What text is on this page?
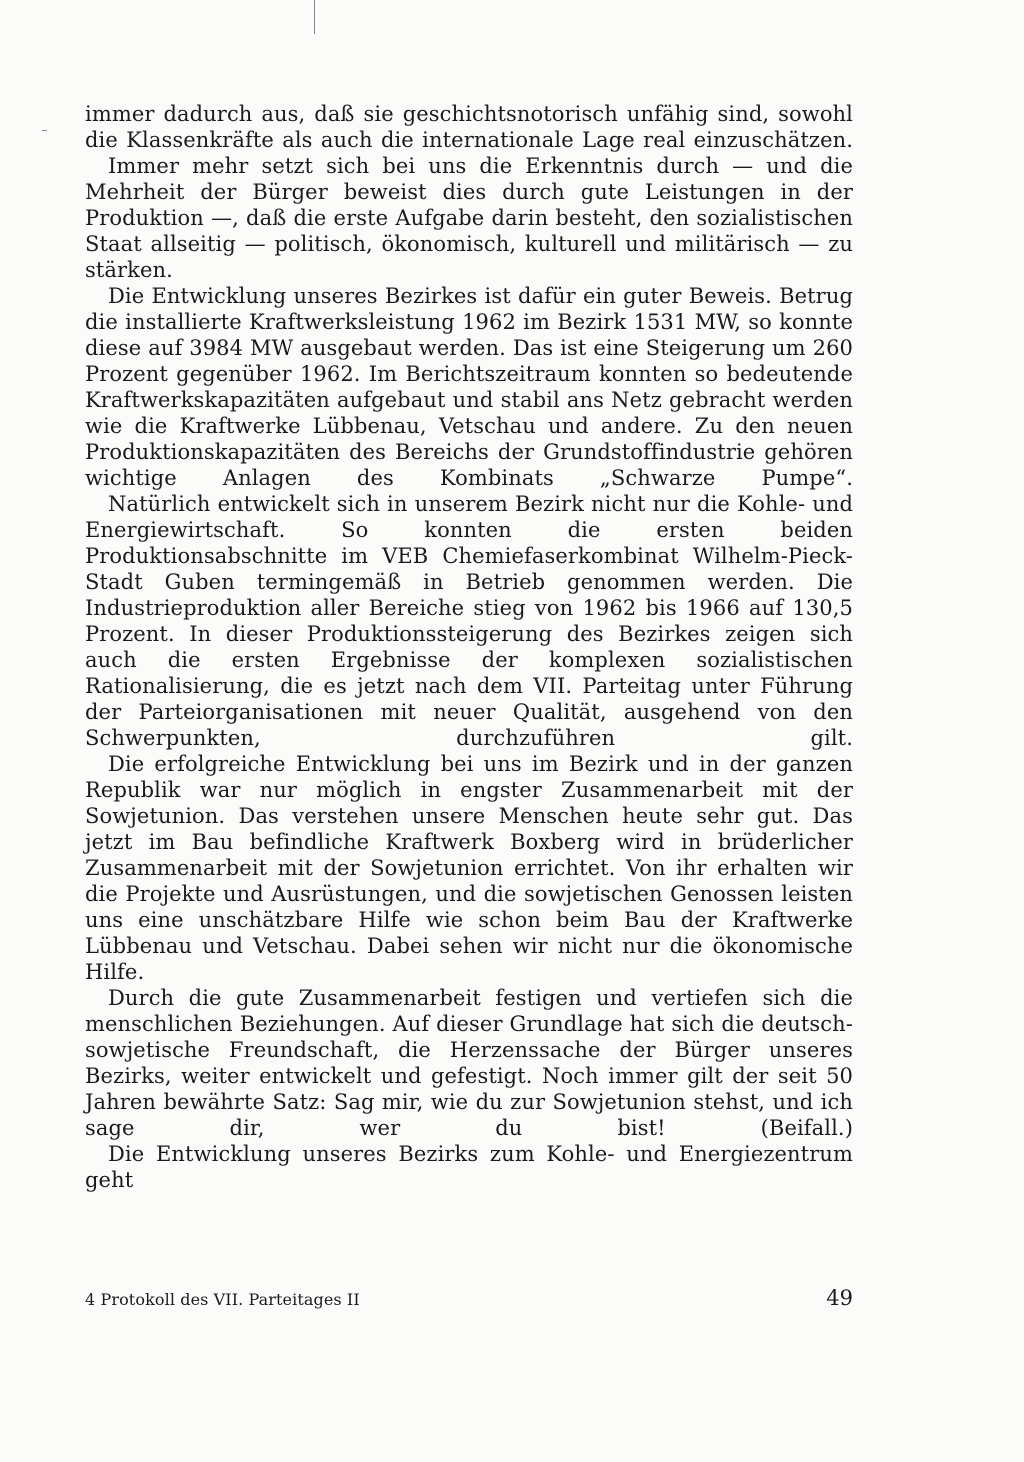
immer dadurch aus, daß sie geschichtsnotorisch unfähig sind, sowohl die Klassenkräfte als auch die internationale Lage real einzuschätzen.

Immer mehr setzt sich bei uns die Erkenntnis durch — und die Mehrheit der Bürger beweist dies durch gute Leistungen in der Produktion —, daß die erste Aufgabe darin besteht, den sozialistischen Staat allseitig — politisch, ökonomisch, kulturell und militärisch — zu stärken.

Die Entwicklung unseres Bezirkes ist dafür ein guter Beweis. Betrug die installierte Kraftwerksleistung 1962 im Bezirk 1531 MW, so konnte diese auf 3984 MW ausgebaut werden. Das ist eine Steigerung um 260 Prozent gegenüber 1962. Im Berichtszeitraum konnten so bedeutende Kraftwerkskapazitäten aufgebaut und stabil ans Netz gebracht werden wie die Kraftwerke Lübbenau, Vetschau und andere. Zu den neuen Produktionskapazitäten des Bereichs der Grundstoffindustrie gehören wichtige Anlagen des Kombinats „Schwarze Pumpe“.

Natürlich entwickelt sich in unserem Bezirk nicht nur die Kohle- und Energiewirtschaft. So konnten die ersten beiden Produktionsabschnitte im VEB Chemiefaserkombinat Wilhelm-Pieck-Stadt Guben termingemäß in Betrieb genommen werden. Die Industrieproduktion aller Bereiche stieg von 1962 bis 1966 auf 130,5 Prozent. In dieser Produktionssteigerung des Bezirkes zeigen sich auch die ersten Ergebnisse der komplexen sozialistischen Rationalisierung, die es jetzt nach dem VII. Parteitag unter Führung der Parteiorganisationen mit neuer Qualität, ausgehend von den Schwerpunkten, durchzuführen gilt.

Die erfolgreiche Entwicklung bei uns im Bezirk und in der ganzen Republik war nur möglich in engster Zusammenarbeit mit der Sowjetunion. Das verstehen unsere Menschen heute sehr gut. Das jetzt im Bau befindliche Kraftwerk Boxberg wird in brüderlicher Zusammenarbeit mit der Sowjetunion errichtet. Von ihr erhalten wir die Projekte und Ausrüstungen, und die sowjetischen Genossen leisten uns eine unschätzbare Hilfe wie schon beim Bau der Kraftwerke Lübbenau und Vetschau. Dabei sehen wir nicht nur die ökonomische Hilfe.

Durch die gute Zusammenarbeit festigen und vertiefen sich die menschlichen Beziehungen. Auf dieser Grundlage hat sich die deutsch-sowjetische Freundschaft, die Herzenssache der Bürger unseres Bezirks, weiter entwickelt und gefestigt. Noch immer gilt der seit 50 Jahren bewährte Satz: Sag mir, wie du zur Sowjetunion stehst, und ich sage dir, wer du bist! (Beifall.)

Die Entwicklung unseres Bezirks zum Kohle- und Energiezentrum geht

4 Protokoll des VII. Parteitages II	49
